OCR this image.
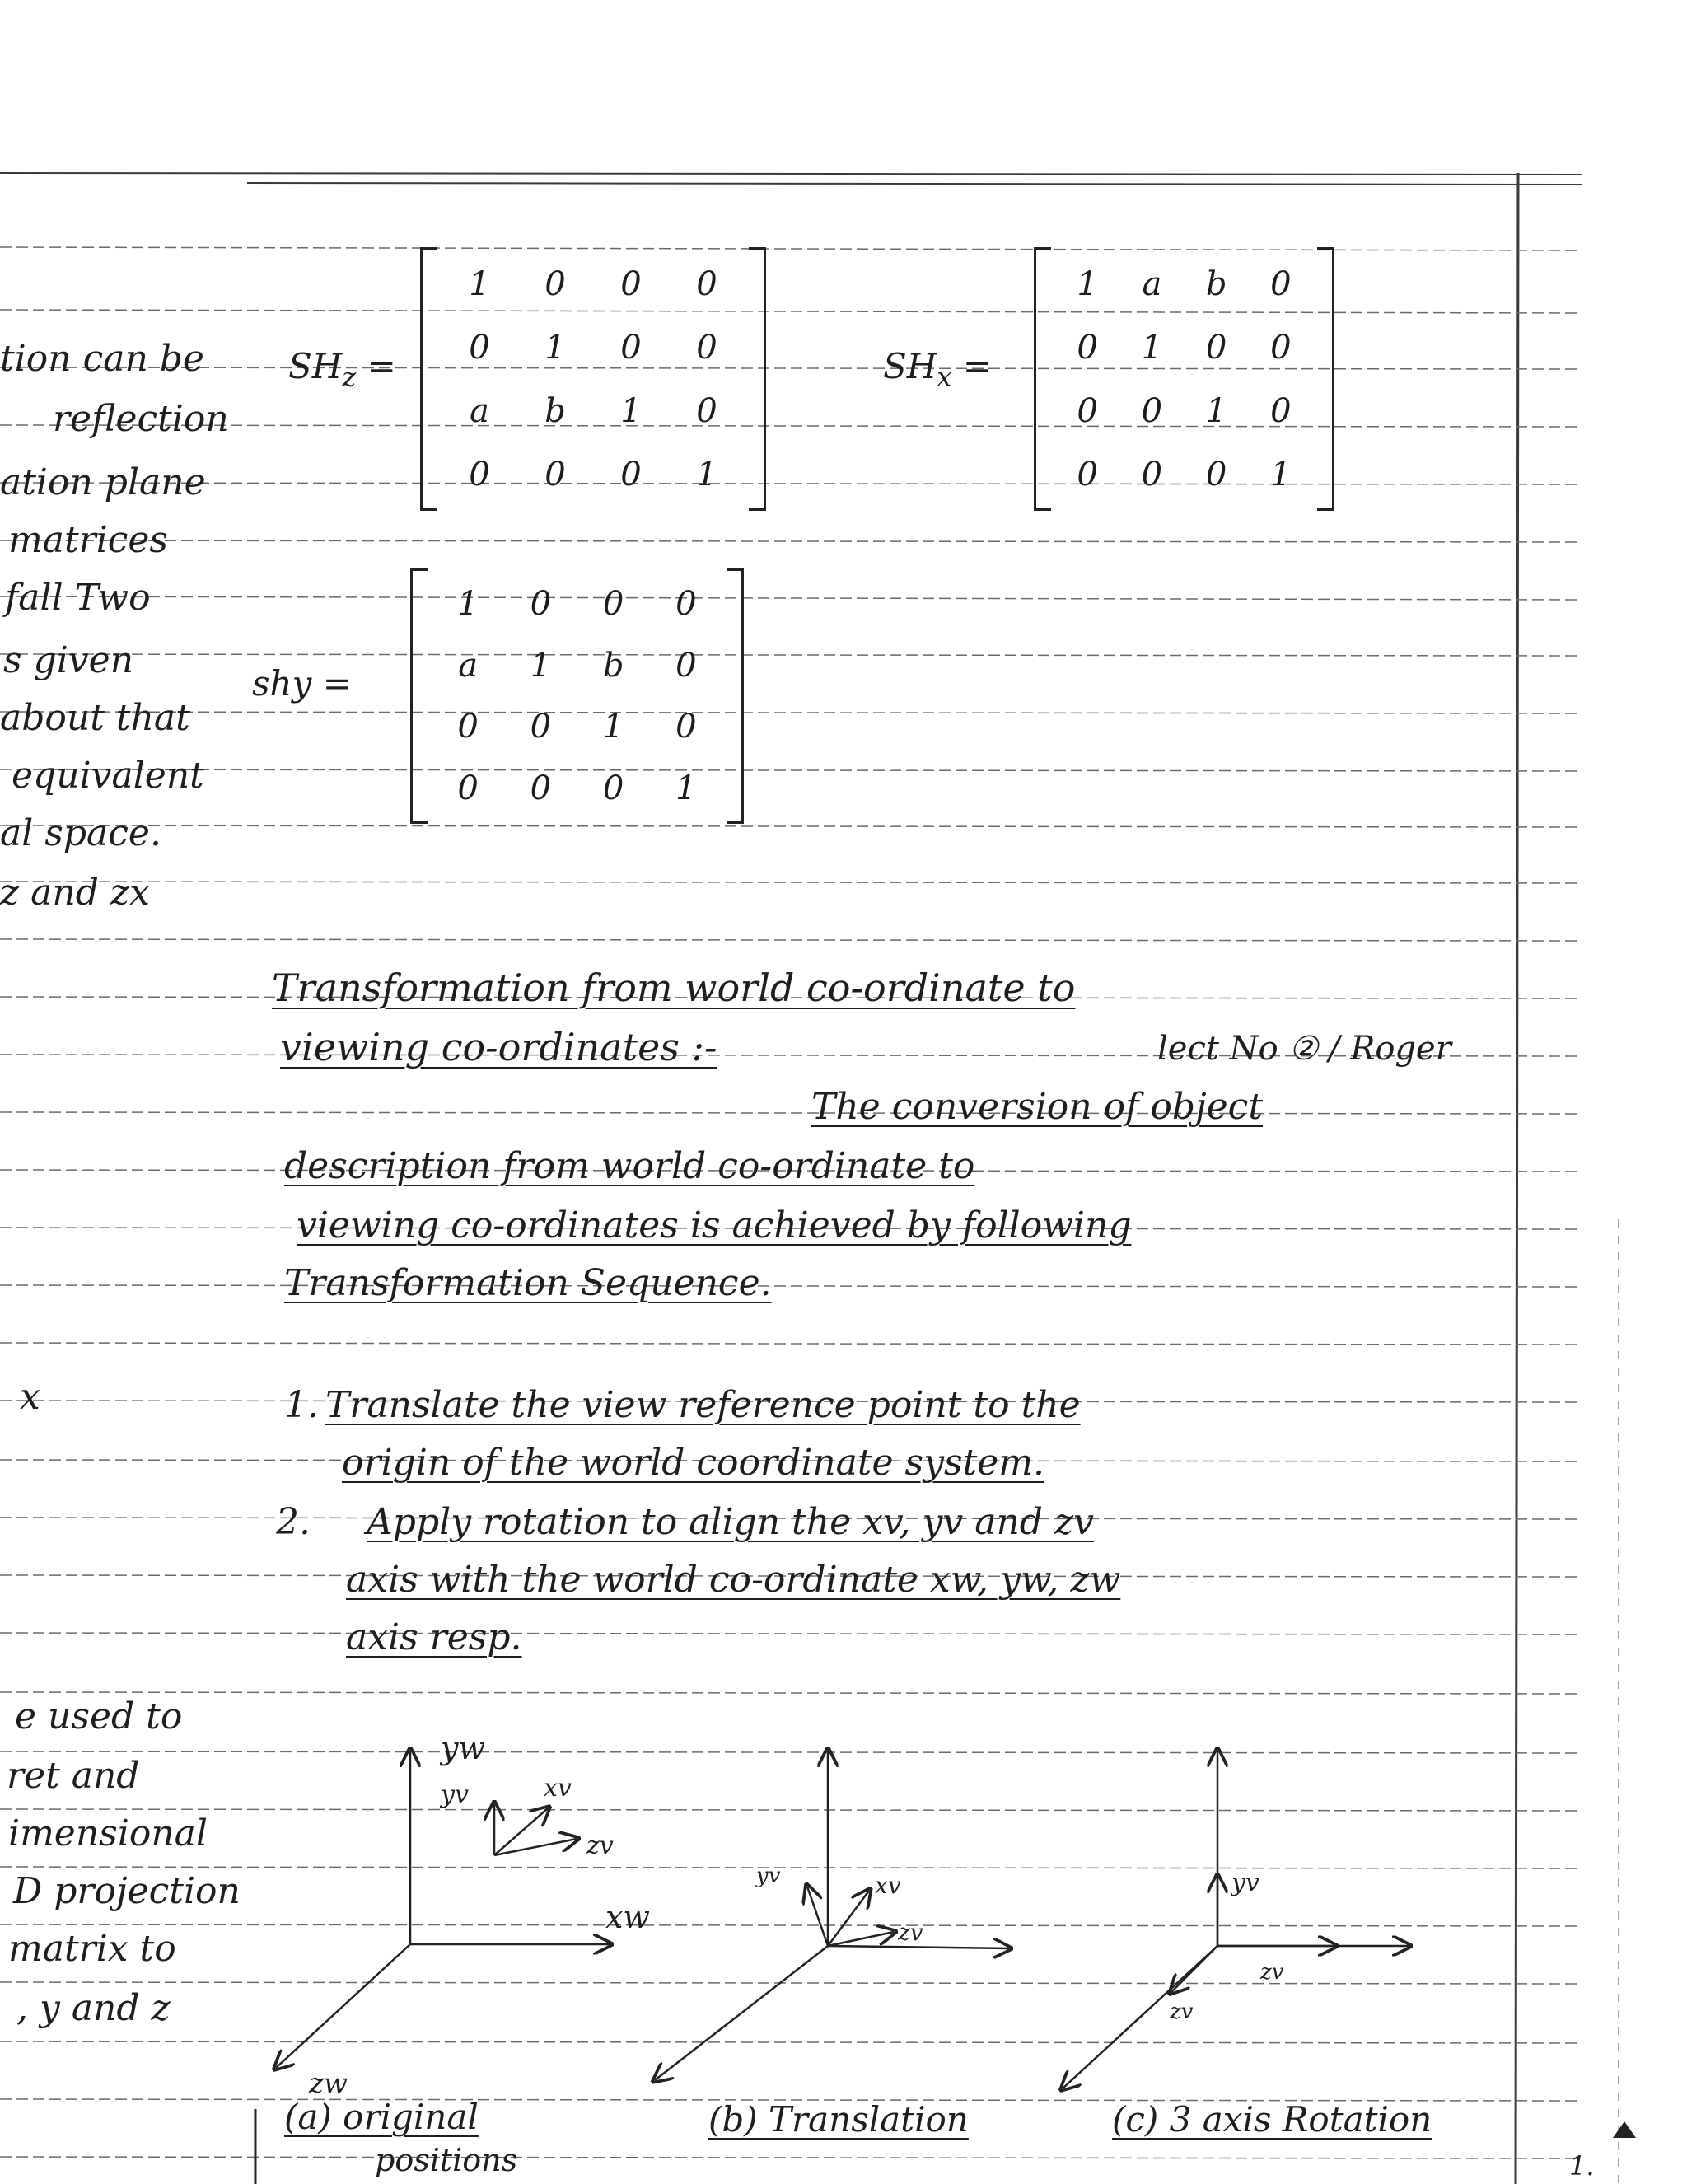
tion can be
reflection
ation plane
matrices
fall Two
s given
about that
equivalent
al space.
z and zx
x
e used to
ret and
imensional
D projection
matrix to
, y and z
$SH_z$ =
1	0	0	0
0	1	0	0
a	b	1	0
0	0	0	1
$SH_x$ =
1	a	b	0
0	1	0	0
0	0	1	0
0	0	0	1
shy =
1	0	0	0
a	1	b	0
0	0	1	0
0	0	0	1
Transformation from world co-ordinate to
viewing co-ordinates :-	lect No ② / Roger
The conversion of object
description from world co-ordinate to
viewing co-ordinates is achieved by following
Transformation Sequence.
1. Translate the view reference point to the
origin of the world coordinate system.
2. Apply rotation to align the xv, yv and zv
axis with the world co-ordinate xw, yw, zw
axis resp.
yw
xw
zw
yv	xv
zv
yv	xv
zv
yv
zv
zv
(a) original
positions
(b) Translation	(c) 3 axis Rotation
1.
